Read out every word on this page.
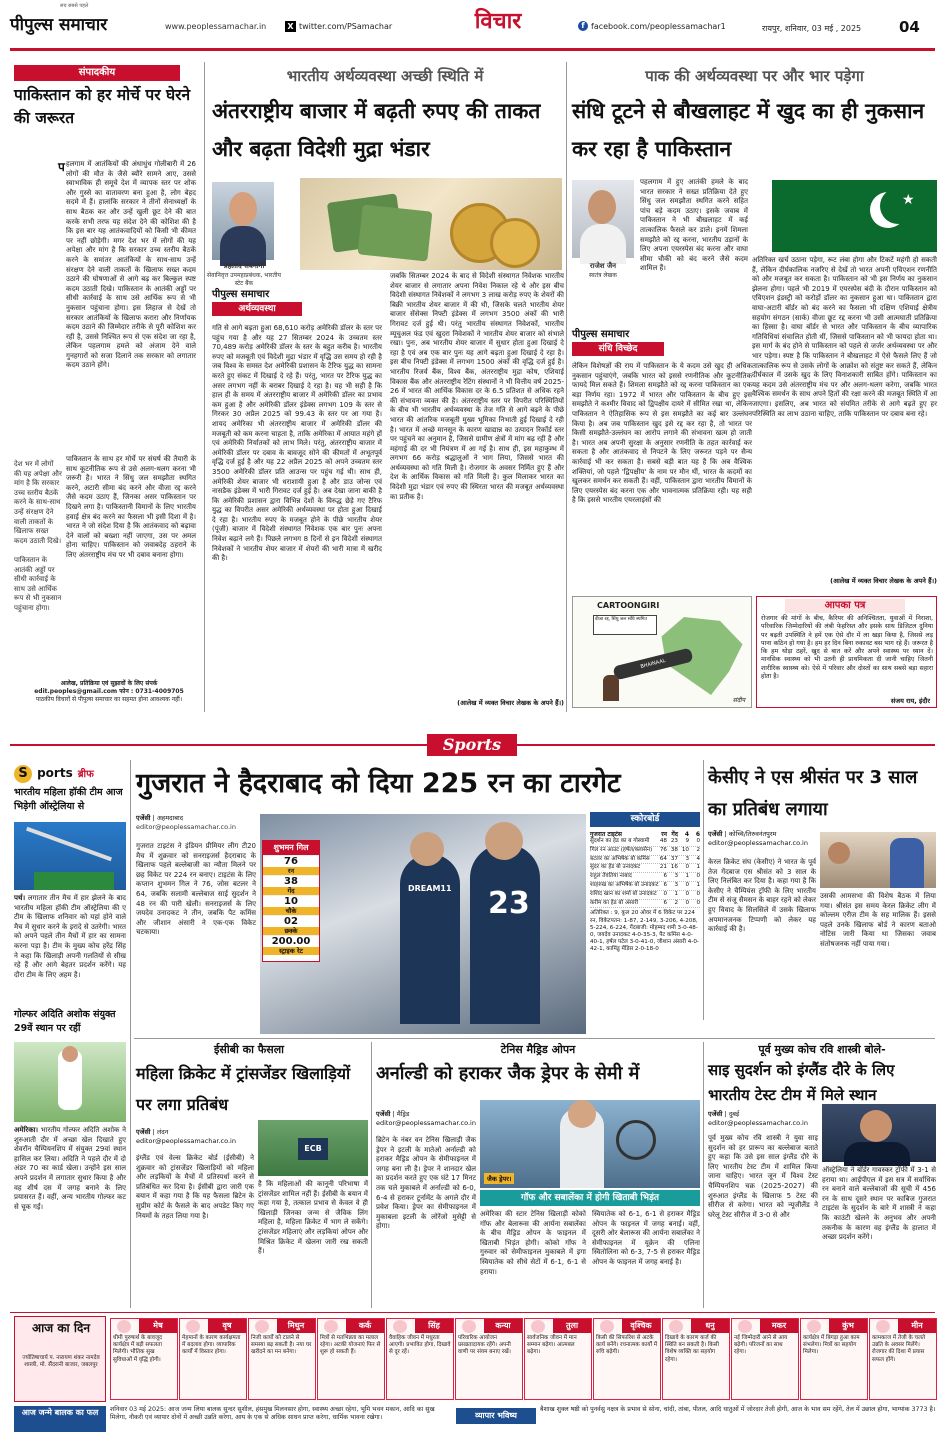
पीपुल्स समाचार
सच सबसे पहले
www.peoplessamachar.in	X twitter.com/PSamachar	विचार	f facebook.com/peoplessamachar1	रायपुर, शनिवार, 03 मई , 2025	04
संपादकीय
पाकिस्तान को हर मोर्चे पर घेरने की जरूरत
प हलगाम में आतंकियों की अंधाधुंध गोलीबारी में 26 लोगों की मौत के जैसे ब्यौरे सामने आए, उससे स्वाभाविक ही समूचे देश में व्यापक स्तर पर शोक और गुस्से का वातावरण बना हुआ है, लोग बेहद सदमे में हैं। हालांकि सरकार ने तीनों सेनाध्यक्षों के साथ बैठक कर और उन्हें खुली छूट देने की बात करके सभी तरफ यह संदेश देने की कोशिश की है कि इस बार यह आतंकवादियों को किसी भी कीमत पर नहीं छोड़ेगी। मगर देश भर में लोगों की यह अपेक्षा और मांग है कि सरकार उच्च स्तरीय बैठकें करने के समांतर आतंकियों के साथ-साथ उन्हें संरक्षण देने वाली ताकतों के खिलाफ सख्त कदम उठाने की घोषणाओं से आगे बढ़ कर बिल्कुल स्पष्ट कदम उठाती दिखे। पाकिस्तान के आतंकी अड्डों पर सीधी कार्रवाई के साथ उसे आर्थिक रूप से भी नुकसान पहुंचाना होगा। इस लिहाज से देखें तो सरकार आतंकियों के खिलाफ करारा और निर्णायक कदम उठाने की जिम्मेदार तरीके से पूरी कोशिश कर रही है, उससे निश्चित रूप से एक संदेश जा रहा है, लेकिन पहलगाम हमले को अंजाम देने वाले गुनहगारों को सजा दिलाने तक सरकार को लगातार कदम उठाने होंगे।
देश भर में लोगों की यह अपेक्षा और मांग है कि सरकार उच्च स्तरीय बैठकें करने के साथ-साथ उन्हें संरक्षण देने वाली ताकतों के खिलाफ सख्त कदम उठाती दिखे।

पाकिस्तान के आतंकी अड्डों पर सीधी कार्रवाई के साथ उसे आर्थिक रूप से भी नुकसान पहुंचाना होगा।
पाकिस्तान के साथ हर मोर्चे पर संघर्ष की तैयारी के साथ कूटनीतिक रूप से उसे अलग-थलग करना भी जरूरी है। भारत ने सिंधु जल समझौता स्थगित करने, अटारी सीमा बंद करने और वीजा रद्द करने जैसे कदम उठाए हैं, जिनका असर पाकिस्तान पर दिखने लगा है। पाकिस्तानी विमानों के लिए भारतीय हवाई क्षेत्र बंद करने का फैसला भी इसी दिशा में है। भारत ने जो संदेश दिया है कि आतंकवाद को बढ़ावा देने वालों को बख्शा नहीं जाएगा, उस पर अमल होना चाहिए। पाकिस्तान को जवाबदेह ठहराने के लिए अंतरराष्ट्रीय मंच पर भी दबाव बनाना होगा।
आलेख, प्रतिक्रिया एवं सुझावों के लिए संपर्क
edit.peoples@gmail.com फोन : 0731-4009705
पाठकीय विचारों से पीपुल्स समाचार का सहमत होना आवश्यक नहीं।
भारतीय अर्थव्यवस्था अच्छी स्थिति में
अंतरराष्ट्रीय बाजार में बढ़ती रुपए की ताकत और बढ़ता विदेशी मुद्रा भंडार
प्रहलाद सबनानी
सेवानिवृत्त उपमहाप्रबंधक, भारतीय स्टेट बैंक
पीपुल्स समाचार
अर्थव्यवस्था
गति से आगे बढ़ता हुआ 68,610 करोड़ अमेरिकी डॉलर के स्तर पर पहुंच गया है और यह 27 सितम्बर 2024 के उच्चतम स्तर 70,489 करोड़ अमेरिकी डॉलर के स्तर के बहुत करीब है। भारतीय रुपए को मजबूती एवं विदेशी मुद्रा भंडार में वृद्धि उस समय हो रही है जब विश्व के समस्त देश अमेरिकी प्रशासन के टैरिफ युद्ध का सामना करते हुए संकट में दिखाई दे रहे हैं। परंतु, भारत पर टैरिफ युद्ध का असर लगभग नहीं के बराबर दिखाई दे रहा है। यह भी सही है कि हाल ही के समय में अंतरराष्ट्रीय बाजार में अमेरिकी डॉलर का प्रभाव कम हुआ है और अमेरिकी डॉलर इंडेक्स लगभग 109 के स्तर से गिरकर 30 अप्रैल 2025 को 99.43 के स्तर पर आ गया है। शायद अमेरिका भी अंतरराष्ट्रीय बाजार में अमेरिकी डॉलर की मजबूती को कम करना चाहता है, ताकि अमेरिका में आयात महंगे हों एवं अमेरिकी निर्यातकों को लाभ मिले। परंतु, अंतरराष्ट्रीय बाजार में अमेरिकी डॉलर पर दबाव के बावजूद सोने की कीमतों में अभूतपूर्व वृद्धि दर्ज हुई है और यह 22 अप्रैल 2025 को अपने उच्चतम स्तर 3500 अमेरिकी डॉलर प्रति आउन्स पर पहुंच गई थी। साथ ही, अमेरिकी शेयर बाजार भी धराशायी हुआ है और डाउ जोन्स एवं नासडैक इंडेक्स में भारी गिरावट दर्ज हुई है। अब देखा जाना बाकी है कि अमेरिकी प्रशासन द्वारा विभिन्न देशों के विरुद्ध छेड़े गए टैरिफ युद्ध का विपरीत असर अमेरिकी अर्थव्यवस्था पर होता हुआ दिखाई दे रहा है। भारतीय रुपए के मजबूत होने के पीछे भारतीय शेयर (पूंजी) बाजार में विदेशी संस्थागत निवेशक एक बार पुनः अपना निवेश बढ़ाने लगे हैं। पिछले लगभग 8 दिनों से इन विदेशी संस्थागत निवेशकों ने भारतीय शेयर बाजार में शेयरों की भारी मात्रा में खरीद की है।
जबकि सितम्बर 2024 के बाद से विदेशी संस्थागत निवेशक भारतीय शेयर बाजार से लगातार अपना निवेश निकाल रहे थे और इस बीच विदेशी संस्थागत निवेशकों ने लगभग 3 लाख करोड़ रुपए के शेयरों की बिक्री भारतीय शेयर बाजार में की थी, जिसके चलते भारतीय शेयर बाजार सेंसेक्स निफ्टी इंडेक्स में लगभग 3500 अंकों की भारी गिरावट दर्ज हुई थी। परंतु भारतीय संस्थागत निवेशकों, भारतीय म्यूचुअल फंड एवं खुदरा निवेशकों ने भारतीय शेयर बाजार को संभाले रखा। पुनः, अब भारतीय शेयर बाजार में सुधार होता हुआ दिखाई दे रहा है एवं अब एक बार पुनः यह आगे बढ़ता हुआ दिखाई दे रहा है। इस बीच निफ्टी इंडेक्स में लगभग 1500 अंकों की वृद्धि दर्ज हुई है। भारतीय रिजर्व बैंक, विश्व बैंक, अंतरराष्ट्रीय मुद्रा कोष, एशियाई विकास बैंक और अंतरराष्ट्रीय रेटिंग संस्थानों ने भी वित्तीय वर्ष 2025-26 में भारत की आर्थिक विकास दर के 6.5 प्रतिशत से अधिक रहने की संभावना व्यक्त की है। अंतरराष्ट्रीय स्तर पर विपरीत परिस्थितियों के बीच भी भारतीय अर्थव्यवस्था के तेज गति से आगे बढ़ने के पीछे भारत की आंतरिक मजबूती मुख्य भूमिका निभाती हुई दिखाई दे रही है। भारत में अच्छे मानसून के कारण खाद्यान्न का उत्पादन रिकॉर्ड स्तर पर पहुंचने का अनुमान है, जिससे ग्रामीण क्षेत्रों में मांग बढ़ रही है और महंगाई की दर भी नियंत्रण में आ गई है। साथ ही, इस महाकुम्भ में लगभग 66 करोड़ श्रद्धालुओं ने भाग लिया, जिससे भारत की अर्थव्यवस्था को गति मिली है। रोजगार के अवसर निर्मित हुए हैं और देश के आर्थिक विकास को गति मिली है। कुल मिलाकर भारत का विदेशी मुद्रा भंडार एवं रुपए की स्थिरता भारत की मजबूत अर्थव्यवस्था का प्रतीक है।
(आलेख में व्यक्त विचार लेखक के अपने हैं।)
पाक की अर्थव्यवस्था पर और भार पड़ेगा
संधि टूटने से बौखलाहट में खुद का ही नुकसान कर रहा है पाकिस्तान
राजेश जैन
स्वतंत्र लेखक
पहलगाम में हुए आतंकी हमले के बाद भारत सरकार ने सख्त प्रतिक्रिया देते हुए सिंधु जल समझौता स्थगित करने सहित पांच बड़े कदम उठाए। इसके जवाब में पाकिस्तान ने भी बौखलाहट में कई तात्कालिक फैसले कर डाले। इनमें शिमला समझौते को रद्द करना, भारतीय उड़ानों के लिए अपना एयरस्पेस बंद करना और वाघा सीमा चौकी को बंद करने जैसे कदम शामिल हैं।
★
पीपुल्स समाचार
संधि विच्छेद
लेकिन विशेषज्ञों की राय में पाकिस्तान के ये कदम उसे खुद ही अधिक नुकसान पहुंचाएंगे, जबकि भारत को इससे रणनीतिक और कूटनीतिक फायदे मिल सकते हैं। शिमला समझौते को रद्द करना पाकिस्तान का एक बड़ा निर्णय रहा। 1972 में भारत और पाकिस्तान के बीच हुए इस समझौते ने कश्मीर विवाद को द्विपक्षीय दायरे में सीमित रखा था, लेकिन पाकिस्तान ने ऐतिहासिक रूप से इस समझौते का कई बार उल्लंघन किया है। अब जब पाकिस्तान खुद इसे रद्द कर रहा है, तो भारत पर किसी समझौते-उल्लंघन का आरोप लगाने की संभावना खत्म हो जाती है। भारत अब अपनी सुरक्षा के अनुसार रणनीति के तहत कार्रवाई कर सकता है और आतंकवाद से निपटने के लिए जरूरत पड़ने पर सैन्य कार्रवाई भी कर सकता है। सबसे बड़ी बात यह है कि अब वैश्विक शक्तियां, जो पहले 'द्विपक्षीय' के नाम पर मौन थीं, भारत के कदमों का खुलकर समर्थन कर सकती हैं। वहीं, पाकिस्तान द्वारा भारतीय विमानों के लिए एयरस्पेस बंद करना एक और भावनात्मक प्रतिक्रिया रही। यह सही है कि इससे भारतीय एयरलाइंसों की
अतिरिक्त खर्च उठाना पड़ेगा, रूट लंबा होगा और टिकटें महंगी हो सकती हैं, लेकिन दीर्घकालिक नजरिए से देखें तो भारत अपनी एविएशन रणनीति को और मजबूत कर सकता है। पाकिस्तान को भी इस निर्णय का नुकसान झेलना होगा। पहले भी 2019 में एयरस्पेस बंदी के दौरान पाकिस्तान को एविएशन इंडस्ट्री को करोड़ों डॉलर का नुकसान हुआ था। पाकिस्तान द्वारा वाघा-अटारी बॉर्डर को बंद करने का फैसला भी दक्षिण एशियाई क्षेत्रीय सहयोग संगठन (सार्क) वीजा छूट रद्द करना भी उसी आत्मघाती प्रतिक्रिया का हिस्सा है। वाघा बॉर्डर से भारत और पाकिस्तान के बीच व्यापारिक गतिविधियां संचालित होती थीं, जिससे पाकिस्तान को भी फायदा होता था। इस मार्ग के बंद होने से पाकिस्तान को पहले से जर्जर अर्थव्यवस्था पर और भार पड़ेगा। स्पष्ट है कि पाकिस्तान ने बौखलाहट में ऐसे फैसले लिए हैं जो तात्कालिक रूप से उसके लोगों के आक्रोश को संतुष्ट कर सकते हैं, लेकिन दीर्घकाल में उसके खुद के लिए विनाशकारी साबित होंगे। पाकिस्तान का यह कदम उसे अंतरराष्ट्रीय मंच पर और अलग-थलग करेगा, जबकि भारत वैश्विक समर्थन के साथ अपने हितों की रक्षा करने की मजबूत स्थिति में आ जाएगा। इसलिए, अब भारत को संयमित तरीके से आगे बढ़ते हुए हर परिस्थिति का लाभ उठाना चाहिए, ताकि पाकिस्तान पर दबाव बना रहे।
(आलेख में व्यक्त विचार लेखक के अपने हैं।)
CARTOONGIRI
वीजा रद्द, सिंधु जल संधि स्थगित
BHAINAAL
संदीप
आपका पत्र
रोजगार की मांगों के बीच, कैरियर की अनिश्चितता, युवाओं में निराशा, परिवारिक जिम्मेदारियों की लंबी फेहरिस्त और इसके साथ डिजिटल दुनिया पर बढ़ती उपस्थिति ने हमें एक ऐसे दौर में ला खड़ा किया है, जिससे लड़ पाना कठिन हो गया है। हम हर दिन बिना रुकावट बस भाग रहे हैं। जरूरत है कि हम थोड़ा ठहरें, खुद से बात करें और अपने स्वास्थ्य पर ध्यान दें। मानसिक स्वास्थ्य को भी उतनी ही प्राथमिकता दी जानी चाहिए जितनी शारीरिक स्वास्थ्य को। ऐसे में परिवार और दोस्तों का साथ सबसे बड़ा सहारा होता है।
संजय राय, इंदौर
Sports
S ports ब्रीफ
भारतीय महिला हॉकी टीम आज भिड़ेगी ऑस्ट्रेलिया से
पर्थ। लगातार तीन मैच में हार झेलने के बाद भारतीय महिला हॉकी टीम ऑस्ट्रेलिया की ए टीम के खिलाफ शनिवार को यहां होने वाले मैच में सुधार करने के इरादे से उतरेगी। भारत को अपने पहले तीन मैचों में हार का सामना करना पड़ा है। टीम के मुख्य कोच हरेंद्र सिंह ने कहा कि खिलाड़ी अपनी गलतियों से सीख रहे हैं और आगे बेहतर प्रदर्शन करेंगे। यह दौरा टीम के लिए अहम है।
गोल्फर अदिति अशोक संयुक्त 29वें स्थान पर रहीं
अमेरिका। भारतीय गोल्फर अदिति अशोक ने शुरुआती दौर में अच्छा खेल दिखाते हुए शेवरॉन चैम्पियनशिप में संयुक्त 29वां स्थान हासिल कर लिया। अदिति ने पहले दौर में दो अंडर 70 का कार्ड खेला। उन्होंने इस साल अपने प्रदर्शन में लगातार सुधार किया है और वह शीर्ष दस में जगह बनाने के लिए प्रयासरत हैं। वहीं, अन्य भारतीय गोल्फर कट से चूक गईं।
गुजरात ने हैदराबाद को दिया 225 रन का टारगेट
एजेंसी | अहमदाबाद
editor@peoplessamachar.co.in
गुजरात टाइटंस ने इंडियन प्रीमियर लीग टी20 मैच में शुक्रवार को सनराइजर्स हैदराबाद के खिलाफ पहले बल्लेबाजी का न्यौता मिलने पर छह विकेट पर 224 रन बनाए। टाइटंस के लिए कप्तान शुभमन गिल ने 76, जोस बटलर ने 64, जबकि सलामी बल्लेबाज साई सुदर्शन ने 48 रन की पारी खेली। सनराइजर्स के लिए जयदेव उनादकट ने तीन, जबकि पैट कमिंस और जीशान अंसारी ने एक-एक विकेट चटकाया।
DREAM11 23
शुभमन गिल
76
रन
38
गेंद
10
चौके
02
छक्के
200.00
स्ट्राइक रेट
स्कोरबोर्ड
गुजरात टाइटंस	रन गेंद 4 6
सुदर्शन का हेड का ब गोस्वामी	48 23 9 0
गिल रन आउट (हर्षल/क्लासेन)	76 38 10 2
बटलर का अभिषेक बो कमिंस	64 37 3 4
सुंदर का हेड बो उनादकट	21 16 0 1
राहुल तेवतिया नाबाद	6 3 1 0
शाहरुख का अभिषेक बो उनादकट 6 3 0 1
राशिद खान का शर्मा बो उनादकट	0 1 0 0
करीम का हेड बो अंसारी	6 2 0 0
अतिरिक्त : 9, कुल 20 ओवर में 6 विकेट पर 224 रन, विकेटपतन: 1-87, 2-149, 3-206, 4-208, 5-224, 6-224, गेंदबाजी: मोहम्मद शमी 3-0-48-0, जयदेव उनादकट 4-0-35-3, पैट कमिंस 4-0-40-1, हर्षल पटेल 3-0-41-0, जीशान अंसारी 4-0-42-1, कामिंडु मेंडिस 2-0-18-0
केसीए ने एस श्रीसंत पर 3 साल का प्रतिबंध लगाया
एजेंसी | कोच्चि/तिरुवनंतपुरम
editor@peoplessamachar.co.in
केरल क्रिकेट संघ (केसीए) ने भारत के पूर्व तेज गेंदबाज एस श्रीसंत को 3 साल के लिए निलंबित कर दिया है। कहा गया है कि केसीए ने चैम्पियंस ट्रॉफी के लिए भारतीय टीम से संजू सैमसन के बाहर रहने को लेकर हुए विवाद के सिलसिले में उसके खिलाफ अपमानजनक टिप्पणी को लेकर यह कार्रवाई की है।
उसकी आमसभा की विशेष बैठक में लिया गया। श्रीसंत इस समय केरल क्रिकेट लीग में कोल्लम एरीज टीम के सह मालिक हैं। इससे पहले उनके खिलाफ बोर्ड ने कारण बताओ नोटिस जारी किया था जिसका जवाब संतोषजनक नहीं पाया गया।
ईसीबी का फैसला
महिला क्रिकेट में ट्रांसजेंडर खिलाड़ियों पर लगा प्रतिबंध
एजेंसी | लंदन
editor@peoplessamachar.co.in
ECB
इंग्लैंड एवं वेल्स क्रिकेट बोर्ड (ईसीबी) ने शुक्रवार को ट्रांसजेंडर खिलाड़ियों को महिला और लड़कियों के मैचों में प्रतिस्पर्धा करने से प्रतिबंधित कर दिया है। ईसीबी द्वारा जारी एक बयान में कहा गया है कि यह फैसला ब्रिटेन के सुप्रीम कोर्ट के फैसले के बाद अपडेट किए गए नियमों के तहत लिया गया है।
है कि महिलाओं की कानूनी परिभाषा में ट्रांसजेंडर शामिल नहीं हैं। ईसीबी के बयान में कहा गया है, तत्काल प्रभाव से केवल वे ही खिलाड़ी जिनका जन्म से जैविक लिंग महिला है, महिला क्रिकेट में भाग ले सकेंगे। ट्रांसजेंडर महिलाएं और लड़कियां ओपन और मिश्रित क्रिकेट में खेलना जारी रख सकती हैं।
टेनिस मैड्रिड ओपन
अर्नाल्डी को हराकर जैक ड्रेपर के सेमी में
एजेंसी | मैड्रिड
editor@peoplessamachar.co.in
ब्रिटेन के नंबर वन टेनिस खिलाड़ी जैक ड्रेपर ने इटली के मातेओ अर्नाल्डी को हराकर मैड्रिड ओपन के सेमीफाइनल में जगह बना ली है। ड्रेपर ने शानदार खेल का प्रदर्शन करते हुए एक घंटे 17 मिनट तक चले मुकाबले में अर्नाल्डी को 6-0, 6-4 से हराकर टूर्नामेंट के अगले दौर में प्रवेश किया। ड्रेपर का सेमीफाइनल में मुकाबला इटली के लोरेंजो मुसेट्टी से होगा।
जैक ड्रेपर।
गॉफ और सबालेंका में होगी खिताबी भिड़ंत
अमेरिका की स्टार टेनिस खिलाड़ी कोको गॉफ और बेलारूस की आर्यना सबालेंका के बीच मैड्रिड ओपन के फाइनल में खिताबी भिड़ंत होगी। कोको गॉफ ने गुरुवार को सेमीफाइनल मुकाबले में इगा स्वियातेक को सीधे सेटों में 6-1, 6-1 से हराया।
स्वियातेक को 6-1, 6-1 से हराकर मैड्रिड ओपन के फाइनल में जगह बनाई। वहीं, दूसरी ओर बेलारूस की आर्यना सबालेंका ने सेमीफाइनल में यूक्रेन की एलिना स्वितोलिना को 6-3, 7-5 से हराकर मैड्रिड ओपन के फाइनल में जगह बनाई है।
पूर्व मुख्य कोच रवि शास्त्री बोले-
साइ सुदर्शन को इंग्लैंड दौरे के लिए भारतीय टेस्ट टीम में मिले स्थान
एजेंसी | दुबई
editor@peoplessamachar.co.in
पूर्व मुख्य कोच रवि शास्त्री ने युवा साइ सुदर्शन को हर प्रारूप का बल्लेबाज बताते हुए कहा कि उसे इस साल इंग्लैंड दौरे के लिए भारतीय टेस्ट टीम में शामिल किया जाना चाहिए। भारत जून में विश्व टेस्ट चैम्पियनशिप चक्र (2025-2027) की शुरुआत इंग्लैंड के खिलाफ 5 टेस्ट की सीरीज से करेगा। भारत को न्यूजीलैंड ने घरेलू टेस्ट सीरीज में 3-0 से और
ऑस्ट्रेलिया ने बॉर्डर गावस्कर ट्रॉफी में 3-1 से हराया था। आईपीएल में इस सत्र में सर्वाधिक रन बनाने वाले बल्लेबाजों की सूची में 456 रन के साथ दूसरे स्थान पर काबिज गुजरात टाइटंस के सुदर्शन के बारे में शास्त्री ने कहा कि काउंटी खेलने के अनुभव और अपनी तकनीक के कारण वह इंग्लैंड के हालात में अच्छा प्रदर्शन करेंगे।
आज का दिन
ज्योतिषाचार्य प. नारायण शंकर नामदेव शास्त्री, मो. सैंदरानी बाजार, जबलपुर
मेष
धीमी पुरुषार्थ के बावजूद कार्यक्षेत्र में बड़ी सफलता मिलेगी। भौतिक सुख सुविधाओं में वृद्धि होगी।
वृष
मेहमानों के कारण कार्यक्षमता में बदलाव होगा। व्यापारिक कार्यों में विस्तार होगा।
मिथुन
निजी कार्यों को टालने से समस्या बढ़ सकती है। नया घर खरीदने का मन बनेगा।
कर्क
मित्रों से मतभिन्नता का मलाल रहेगा। अटकी योजनाएं फिर से शुरू हो सकती हैं।
सिंह
वैवाहिक जीवन में मधुरता आएगी। प्रभावित होगा, दिखावे से दूर रहें।
कन्या
परिवारिक आयोजन प्रसन्नतादायक रहेंगे। अपनी वाणी पर संयम बनाए रखें।
तुला
सार्वजनिक जीवन में मान सम्मान बढ़ेगा। आत्मबल बढ़ेगा।
वृश्चिक
किसी की सिफारिश से अटके कार्य बनेंगे। रचनात्मक कार्यों में रुचि बढ़ेगी।
धनु
दिखावे के कारण कर्ज की स्थिति बन सकती है। किसी विशेष व्यक्ति का सहयोग रहेगा।
मकर
नई जिम्मेदारी आने से आय बढ़ेगी। परिजनों का साथ रहेगा।
कुंभ
कार्यक्षेत्र में बिगड़ा हुआ काम संभलेगा। मित्रों का सहयोग मिलेगा।
मीन
कामकाज में तेजी के चलते उन्नति के अवसर मिलेंगे। रोजगार की दिशा में प्रयास सफल होंगे।
आज जन्मे बालक का फल	शनिवार 03 मई 2025: आज जन्म लिया बालक सुन्दर सुशील, हंसमुख मिलनसार होगा, स्वास्थ्य अच्छा रहेगा, भूमि भवन मकान, आदि का सुख मिलेगा, नौकरी एवं व्यापार दोनों में अच्छी उन्नति करेगा, आय के एक से अधिक साधन प्राप्त करेगा, धार्मिक भावना रखेगा।	व्यापार भविष्य
बैशाख शुक्ल षष्ठी को पुनर्वसु नक्षत्र के प्रभाव से सोना, चांदी, तांबा, पीतल, आदि धातुओं में जोरदार तेजी होगी, आज के भाव सम रहेंगे, तेल में उछाल होगा, भाग्यांक 3773 है।
